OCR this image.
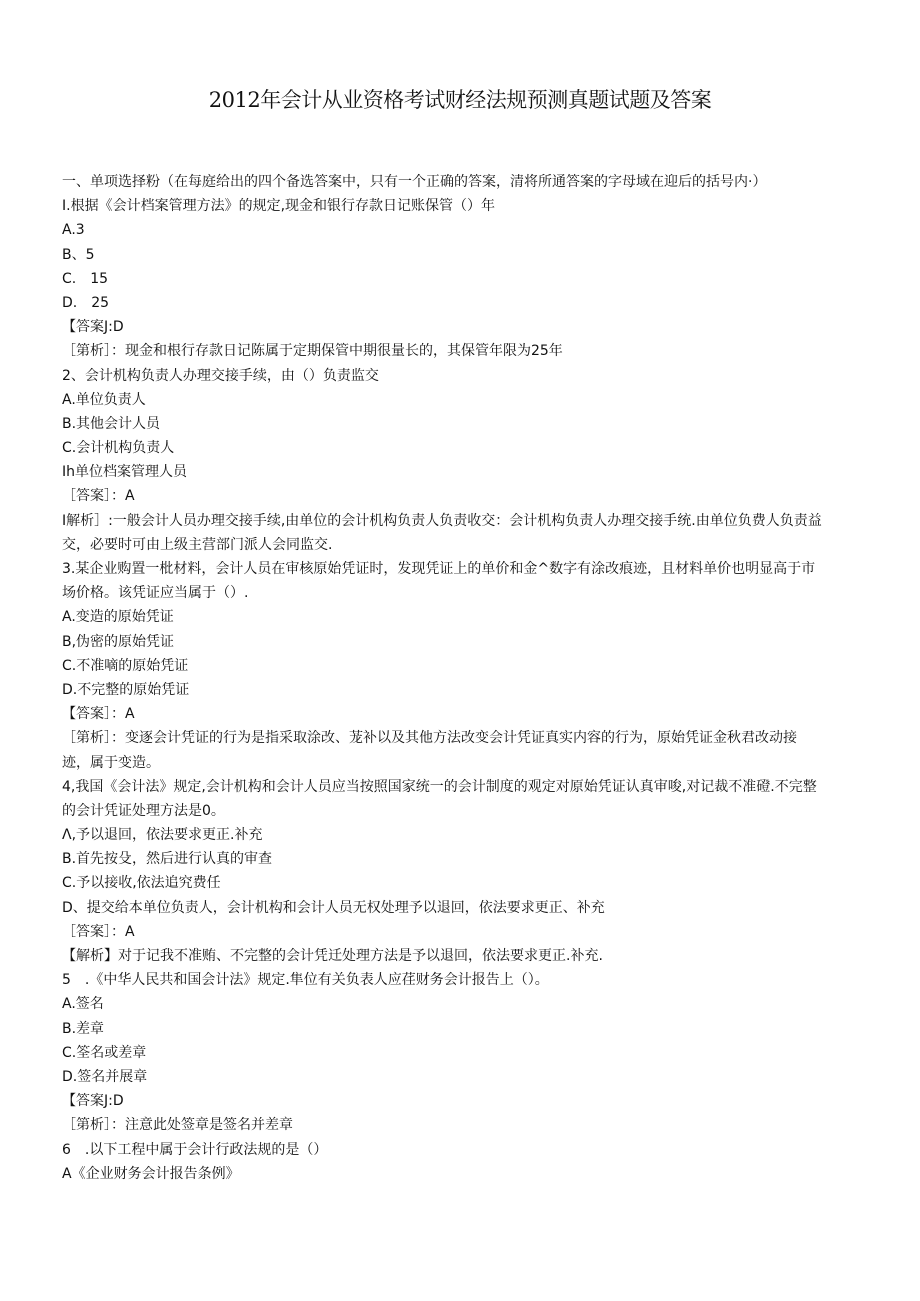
2012年会计从业资格考试财经法规预测真题试题及答案
一、单项选择粉（在每庭给出的四个备选答案中，只有一个正确的答案，清将所通答案的字母域在迎后的括号内·）
I.根据《会计档案管理方法》的规定,现金和银行存款日记账保管（）年
A.3
B、5
C.　15
D.　25
【答案J:D
［第析］：现金和根行存款日记陈属于定期保管中期很量长的，其保管年限为25年
2、会计机构负责人办理交接手续，由（）负责监交
A.单位负责人
B.其他会计人员
C.会计机构负责人
Ih单位档案管理人员
［答案］：A
I解析］:一般会计人员办理交接手续,由单位的会计机构负责人负责收交：会计机构负责人办理交接手统.由单位负费人负责益
交，必要时可由上级主营部门派人会同监交.
3.某企业购置一枇材料，会计人员在审核原始凭证时，发现凭证上的单价和金^数字有涂改痕迹，且材料单价也明显高于市
场价格。该凭证应当属于（）.
A.变造的原始凭证
B,伪密的原始凭证
C.不准嘀的原始凭证
D.不完整的原始凭证
【答案］：A
［第析］：变逐会计凭证的行为是指采取涂改、茏补以及其他方法改变会计凭证真实内容的行为，原始凭证金秋君改动接
迹，属于变造。
4,我国《会计法》规定,会计机构和会计人员应当按照国家统一的会计制度的观定对原始凭证认真审唆,对记裁不准磴.不完整
的会计凭证处理方法是0。
Λ,予以退回，依法要求更正.补充
B.首先按殳，然后进行认真的审查
C.予以接收,依法追究费任
D、提交给本单位负责人，会计机构和会计人员无权处理予以退回，依法要求更正、补充
［答案］：A
【解析】对于记我不准贿、不完整的会计凭迁处理方法是予以退回，依法要求更正.补充.
5　.《中华人民共和国会计法》规定.隼位有关负表人应荏财务会计报告上（）。
A.签名
B.差章
C.筌名或差章
D.签名并展章
【答案J:D
［第析］：注意此处签章是签名并差章
6　.以下工程中属于会计行政法规的是（）
A《企业财务会计报告条例》
